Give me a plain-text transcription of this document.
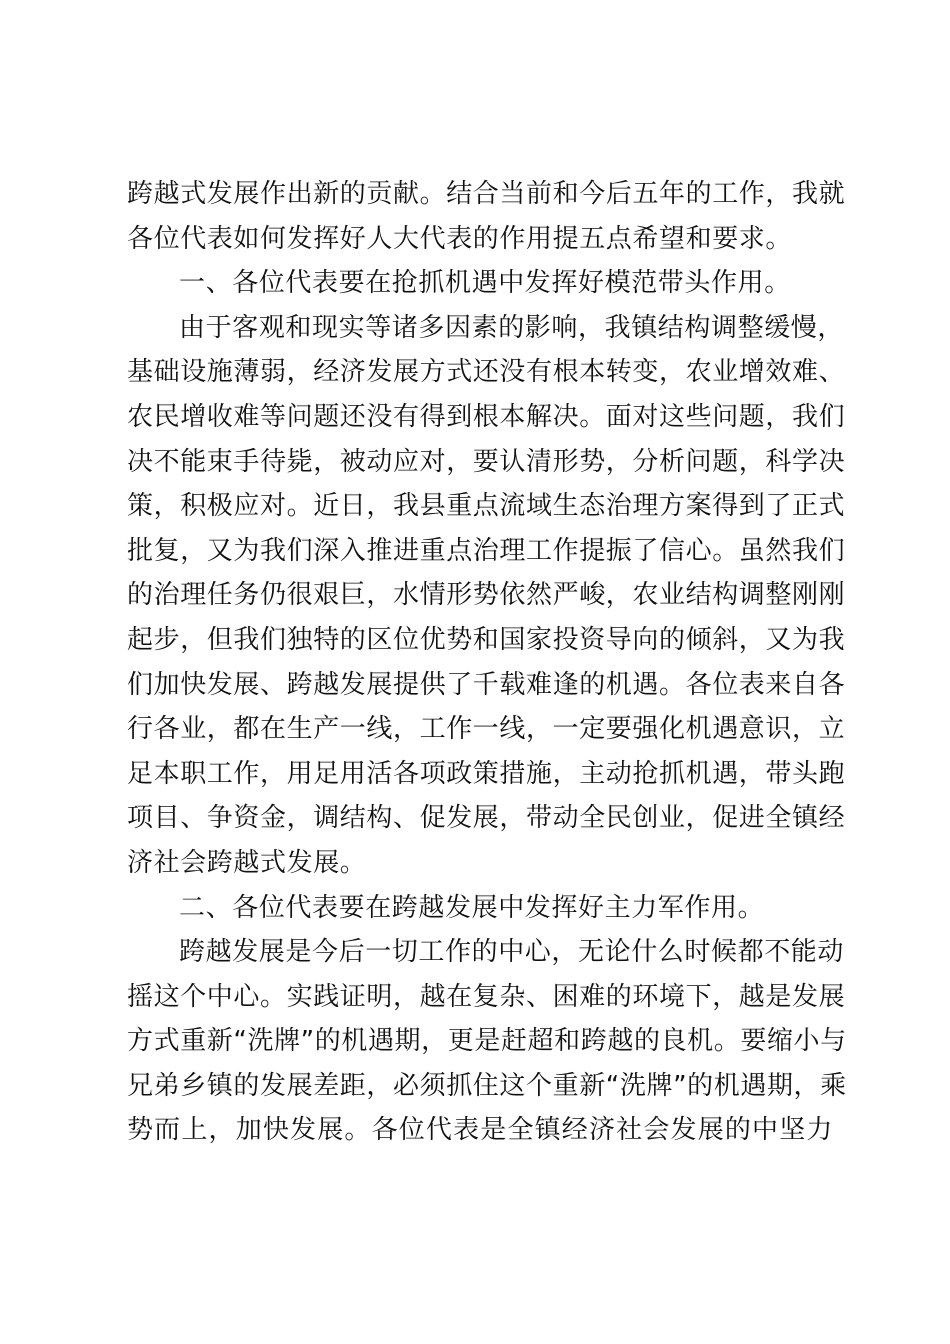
跨越式发展作出新的贡献。结合当前和今后五年的工作，我就
各位代表如何发挥好人大代表的作用提五点希望和要求。

一、各位代表要在抢抓机遇中发挥好模范带头作用。

由于客观和现实等诸多因素的影响，我镇结构调整缓慢，
基础设施薄弱，经济发展方式还没有根本转变，农业增效难、
农民增收难等问题还没有得到根本解决。面对这些问题，我们
决不能束手待毙，被动应对，要认清形势，分析问题，科学决
策，积极应对。近日，我县重点流域生态治理方案得到了正式
批复，又为我们深入推进重点治理工作提振了信心。虽然我们
的治理任务仍很艰巨，水情形势依然严峻，农业结构调整刚刚
起步，但我们独特的区位优势和国家投资导向的倾斜，又为我
们加快发展、跨越发展提供了千载难逢的机遇。各位表来自各
行各业，都在生产一线，工作一线，一定要强化机遇意识，立
足本职工作，用足用活各项政策措施，主动抢抓机遇，带头跑
项目、争资金，调结构、促发展，带动全民创业，促进全镇经
济社会跨越式发展。

二、各位代表要在跨越发展中发挥好主力军作用。

跨越发展是今后一切工作的中心，无论什么时候都不能动
摇这个中心。实践证明，越在复杂、困难的环境下，越是发展
方式重新“洗牌”的机遇期，更是赶超和跨越的良机。要缩小与
兄弟乡镇的发展差距，必须抓住这个重新“洗牌”的机遇期，乘
势而上，加快发展。各位代表是全镇经济社会发展的中坚力
